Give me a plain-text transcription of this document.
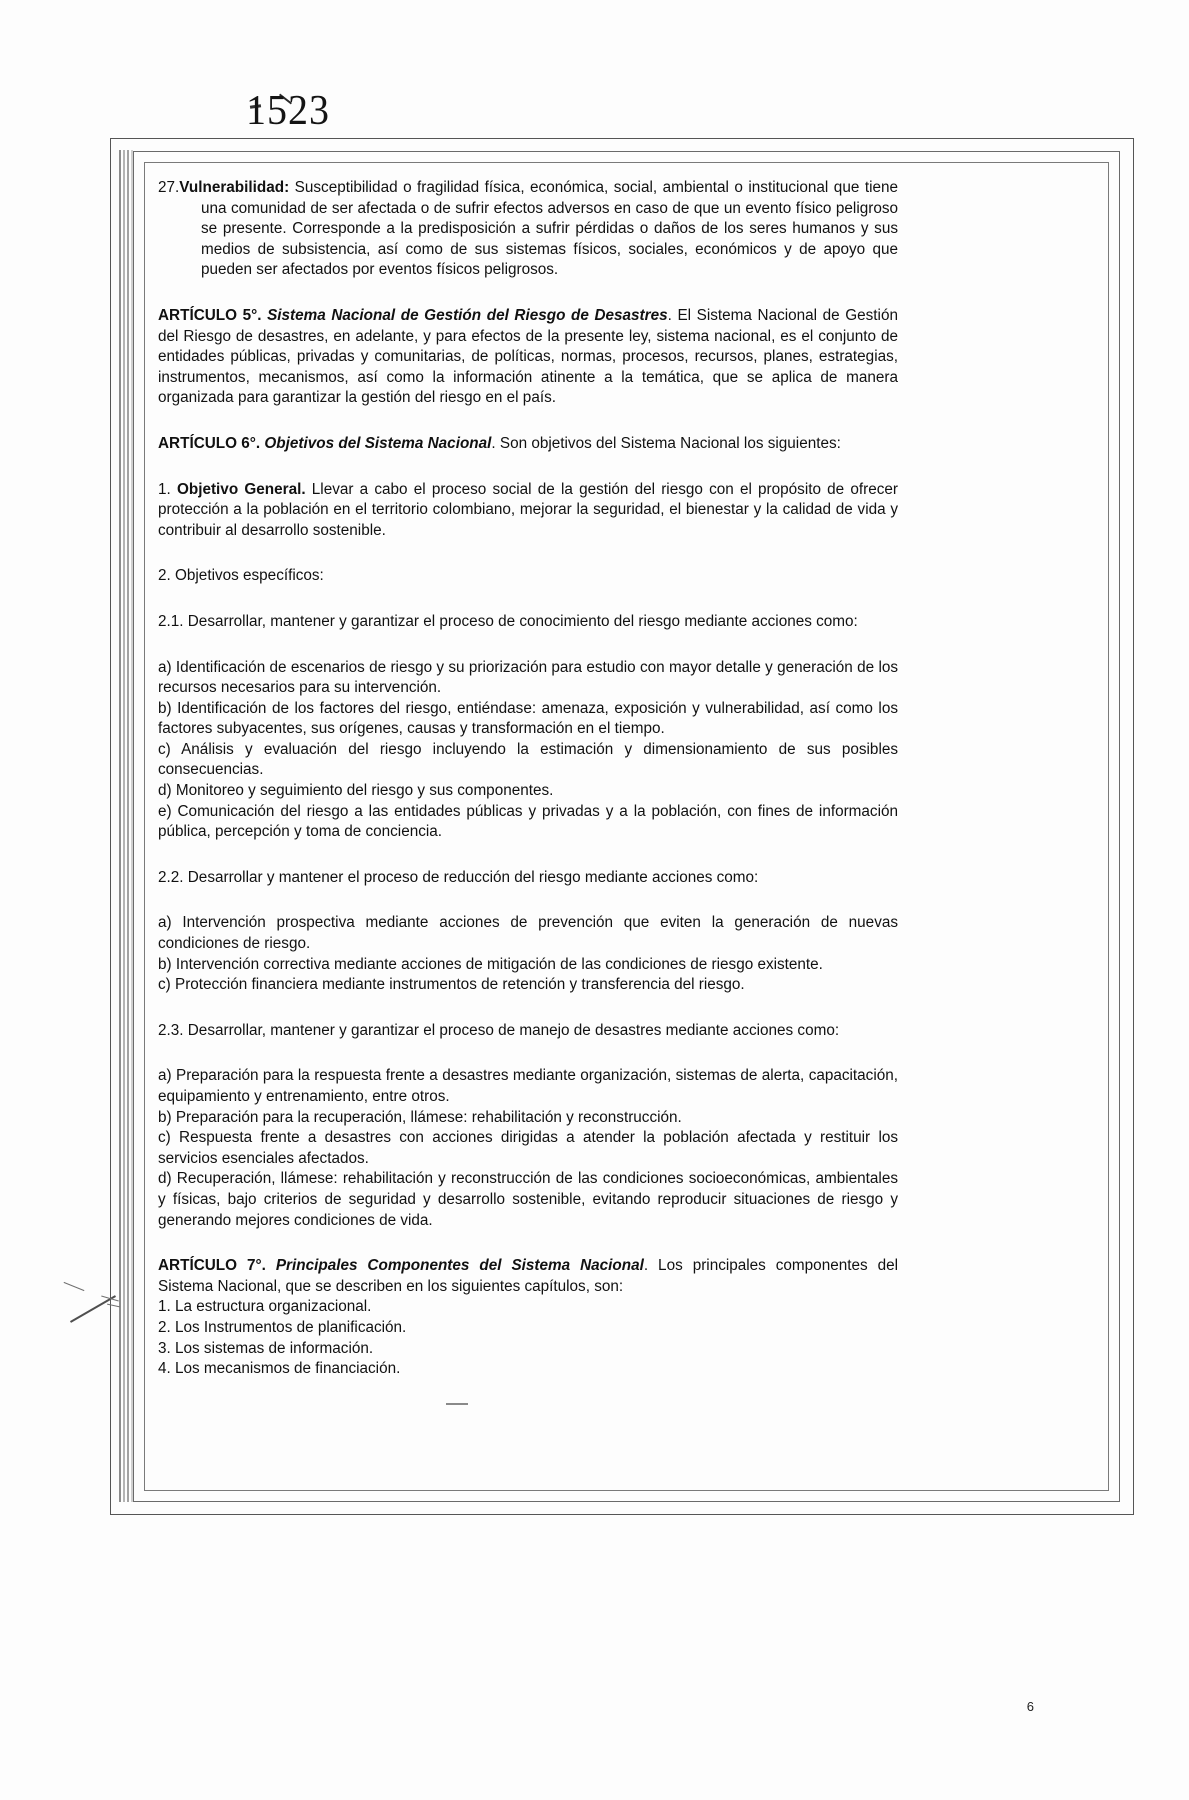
1523

27.Vulnerabilidad: Susceptibilidad o fragilidad física, económica, social, ambiental o institucional que tiene una comunidad de ser afectada o de sufrir efectos adversos en caso de que un evento físico peligroso se presente. Corresponde a la predisposición a sufrir pérdidas o daños de los seres humanos y sus medios de subsistencia, así como de sus sistemas físicos, sociales, económicos y de apoyo que pueden ser afectados por eventos físicos peligrosos.

ARTÍCULO 5°. Sistema Nacional de Gestión del Riesgo de Desastres. El Sistema Nacional de Gestión del Riesgo de desastres, en adelante, y para efectos de la presente ley, sistema nacional, es el conjunto de entidades públicas, privadas y comunitarias, de políticas, normas, procesos, recursos, planes, estrategias, instrumentos, mecanismos, así como la información atinente a la temática, que se aplica de manera organizada para garantizar la gestión del riesgo en el país.

ARTÍCULO 6°. Objetivos del Sistema Nacional. Son objetivos del Sistema Nacional los siguientes:

1. Objetivo General. Llevar a cabo el proceso social de la gestión del riesgo con el propósito de ofrecer protección a la población en el territorio colombiano, mejorar la seguridad, el bienestar y la calidad de vida y contribuir al desarrollo sostenible.

2. Objetivos específicos:

2.1. Desarrollar, mantener y garantizar el proceso de conocimiento del riesgo mediante acciones como:

a) Identificación de escenarios de riesgo y su priorización para estudio con mayor detalle y generación de los recursos necesarios para su intervención.

b) Identificación de los factores del riesgo, entiéndase: amenaza, exposición y vulnerabilidad, así como los factores subyacentes, sus orígenes, causas y transformación en el tiempo.

c) Análisis y evaluación del riesgo incluyendo la estimación y dimensionamiento de sus posibles consecuencias.

d) Monitoreo y seguimiento del riesgo y sus componentes.

e) Comunicación del riesgo a las entidades públicas y privadas y a la población, con fines de información pública, percepción y toma de conciencia.

2.2. Desarrollar y mantener el proceso de reducción del riesgo mediante acciones como:

a) Intervención prospectiva mediante acciones de prevención que eviten la generación de nuevas condiciones de riesgo.

b) Intervención correctiva mediante acciones de mitigación de las condiciones de riesgo existente.

c) Protección financiera mediante instrumentos de retención y transferencia del riesgo.

2.3. Desarrollar, mantener y garantizar el proceso de manejo de desastres mediante acciones como:

a) Preparación para la respuesta frente a desastres mediante organización, sistemas de alerta, capacitación, equipamiento y entrenamiento, entre otros.

b) Preparación para la recuperación, llámese: rehabilitación y reconstrucción.

c) Respuesta frente a desastres con acciones dirigidas a atender la población afectada y restituir los servicios esenciales afectados.

d) Recuperación, llámese: rehabilitación y reconstrucción de las condiciones socioeconómicas, ambientales y físicas, bajo criterios de seguridad y desarrollo sostenible, evitando reproducir situaciones de riesgo y generando mejores condiciones de vida.

ARTÍCULO 7°. Principales Componentes del Sistema Nacional. Los principales componentes del Sistema Nacional, que se describen en los siguientes capítulos, son:

1. La estructura organizacional.

2. Los Instrumentos de planificación.

3. Los sistemas de información.

4. Los mecanismos de financiación.

6
